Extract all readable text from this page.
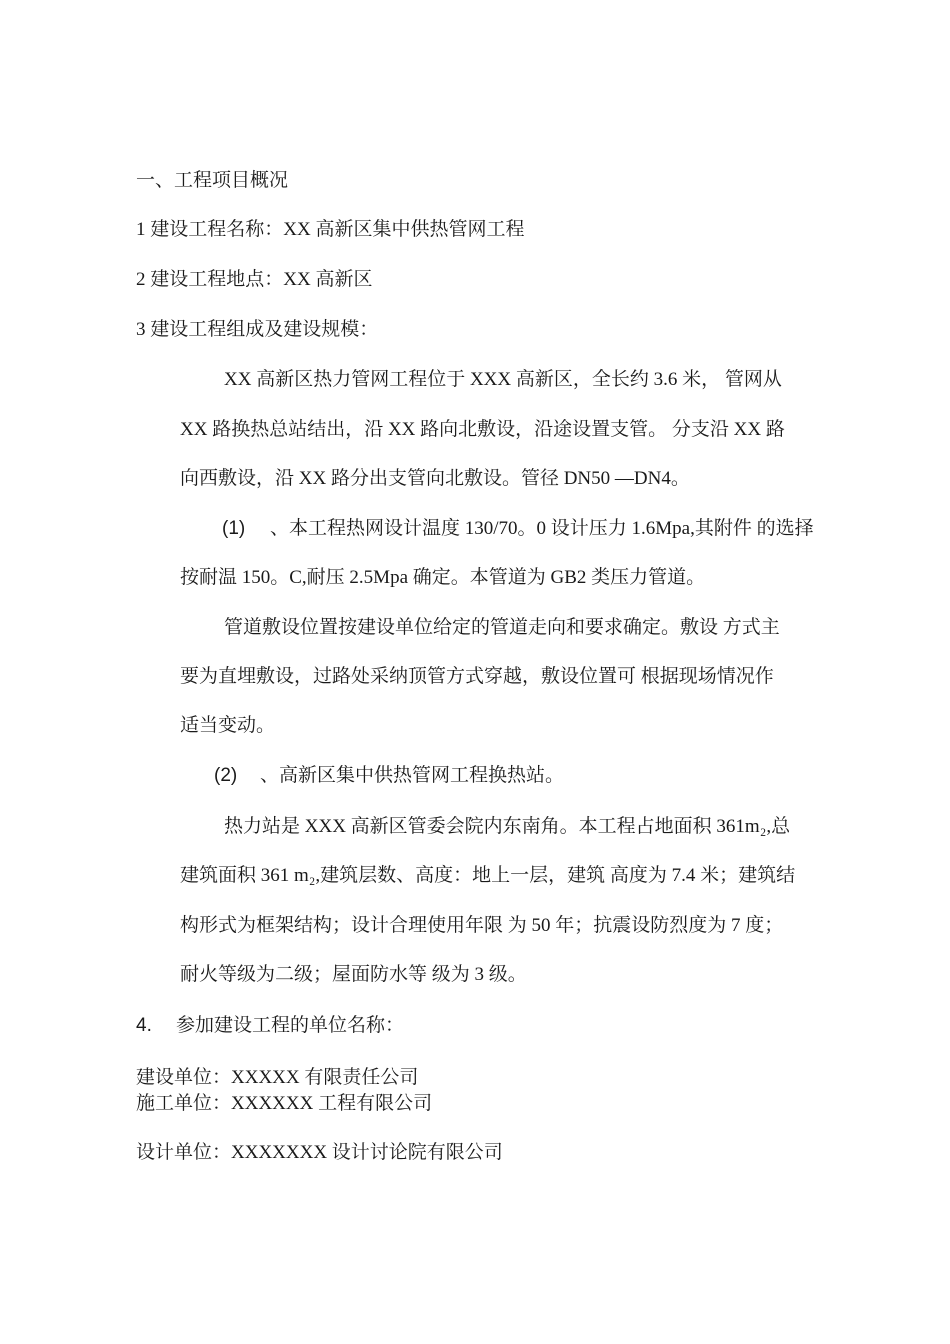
一、工程项目概况
1 建设工程名称：XX 高新区集中供热管网工程
2 建设工程地点：XX 高新区
3 建设工程组成及建设规模：
XX 高新区热力管网工程位于 XXX 高新区，全长约 3.6 米， 管网从
XX 路换热总站结出，沿 XX 路向北敷设，沿途设置支管。 分支沿 XX 路
向西敷设，沿 XX 路分出支管向北敷设。管径 DN50 —DN4。
(1) 、本工程热网设计温度 130/70。0 设计压力 1.6Mpa,其附件 的选择
按耐温 150。C,耐压 2.5Mpa 确定。本管道为 GB2 类压力管道。
管道敷设位置按建设单位给定的管道走向和要求确定。敷设 方式主
要为直埋敷设，过路处采纳顶管方式穿越，敷设位置可 根据现场情况作
适当变动。
(2) 、高新区集中供热管网工程换热站。
热力站是 XXX 高新区管委会院内东南角。本工程占地面积 361m₂,总
建筑面积 361 m₂,建筑层数、高度：地上一层，建筑 高度为 7.4 米；建筑结
构形式为框架结构；设计合理使用年限 为 50 年；抗震设防烈度为 7 度；
耐火等级为二级；屋面防水等 级为 3 级。
4. 参加建设工程的单位名称：
建设单位：XXXXX 有限责任公司
施工单位：XXXXXX 工程有限公司
设计单位：XXXXXXX 设计讨论院有限公司
